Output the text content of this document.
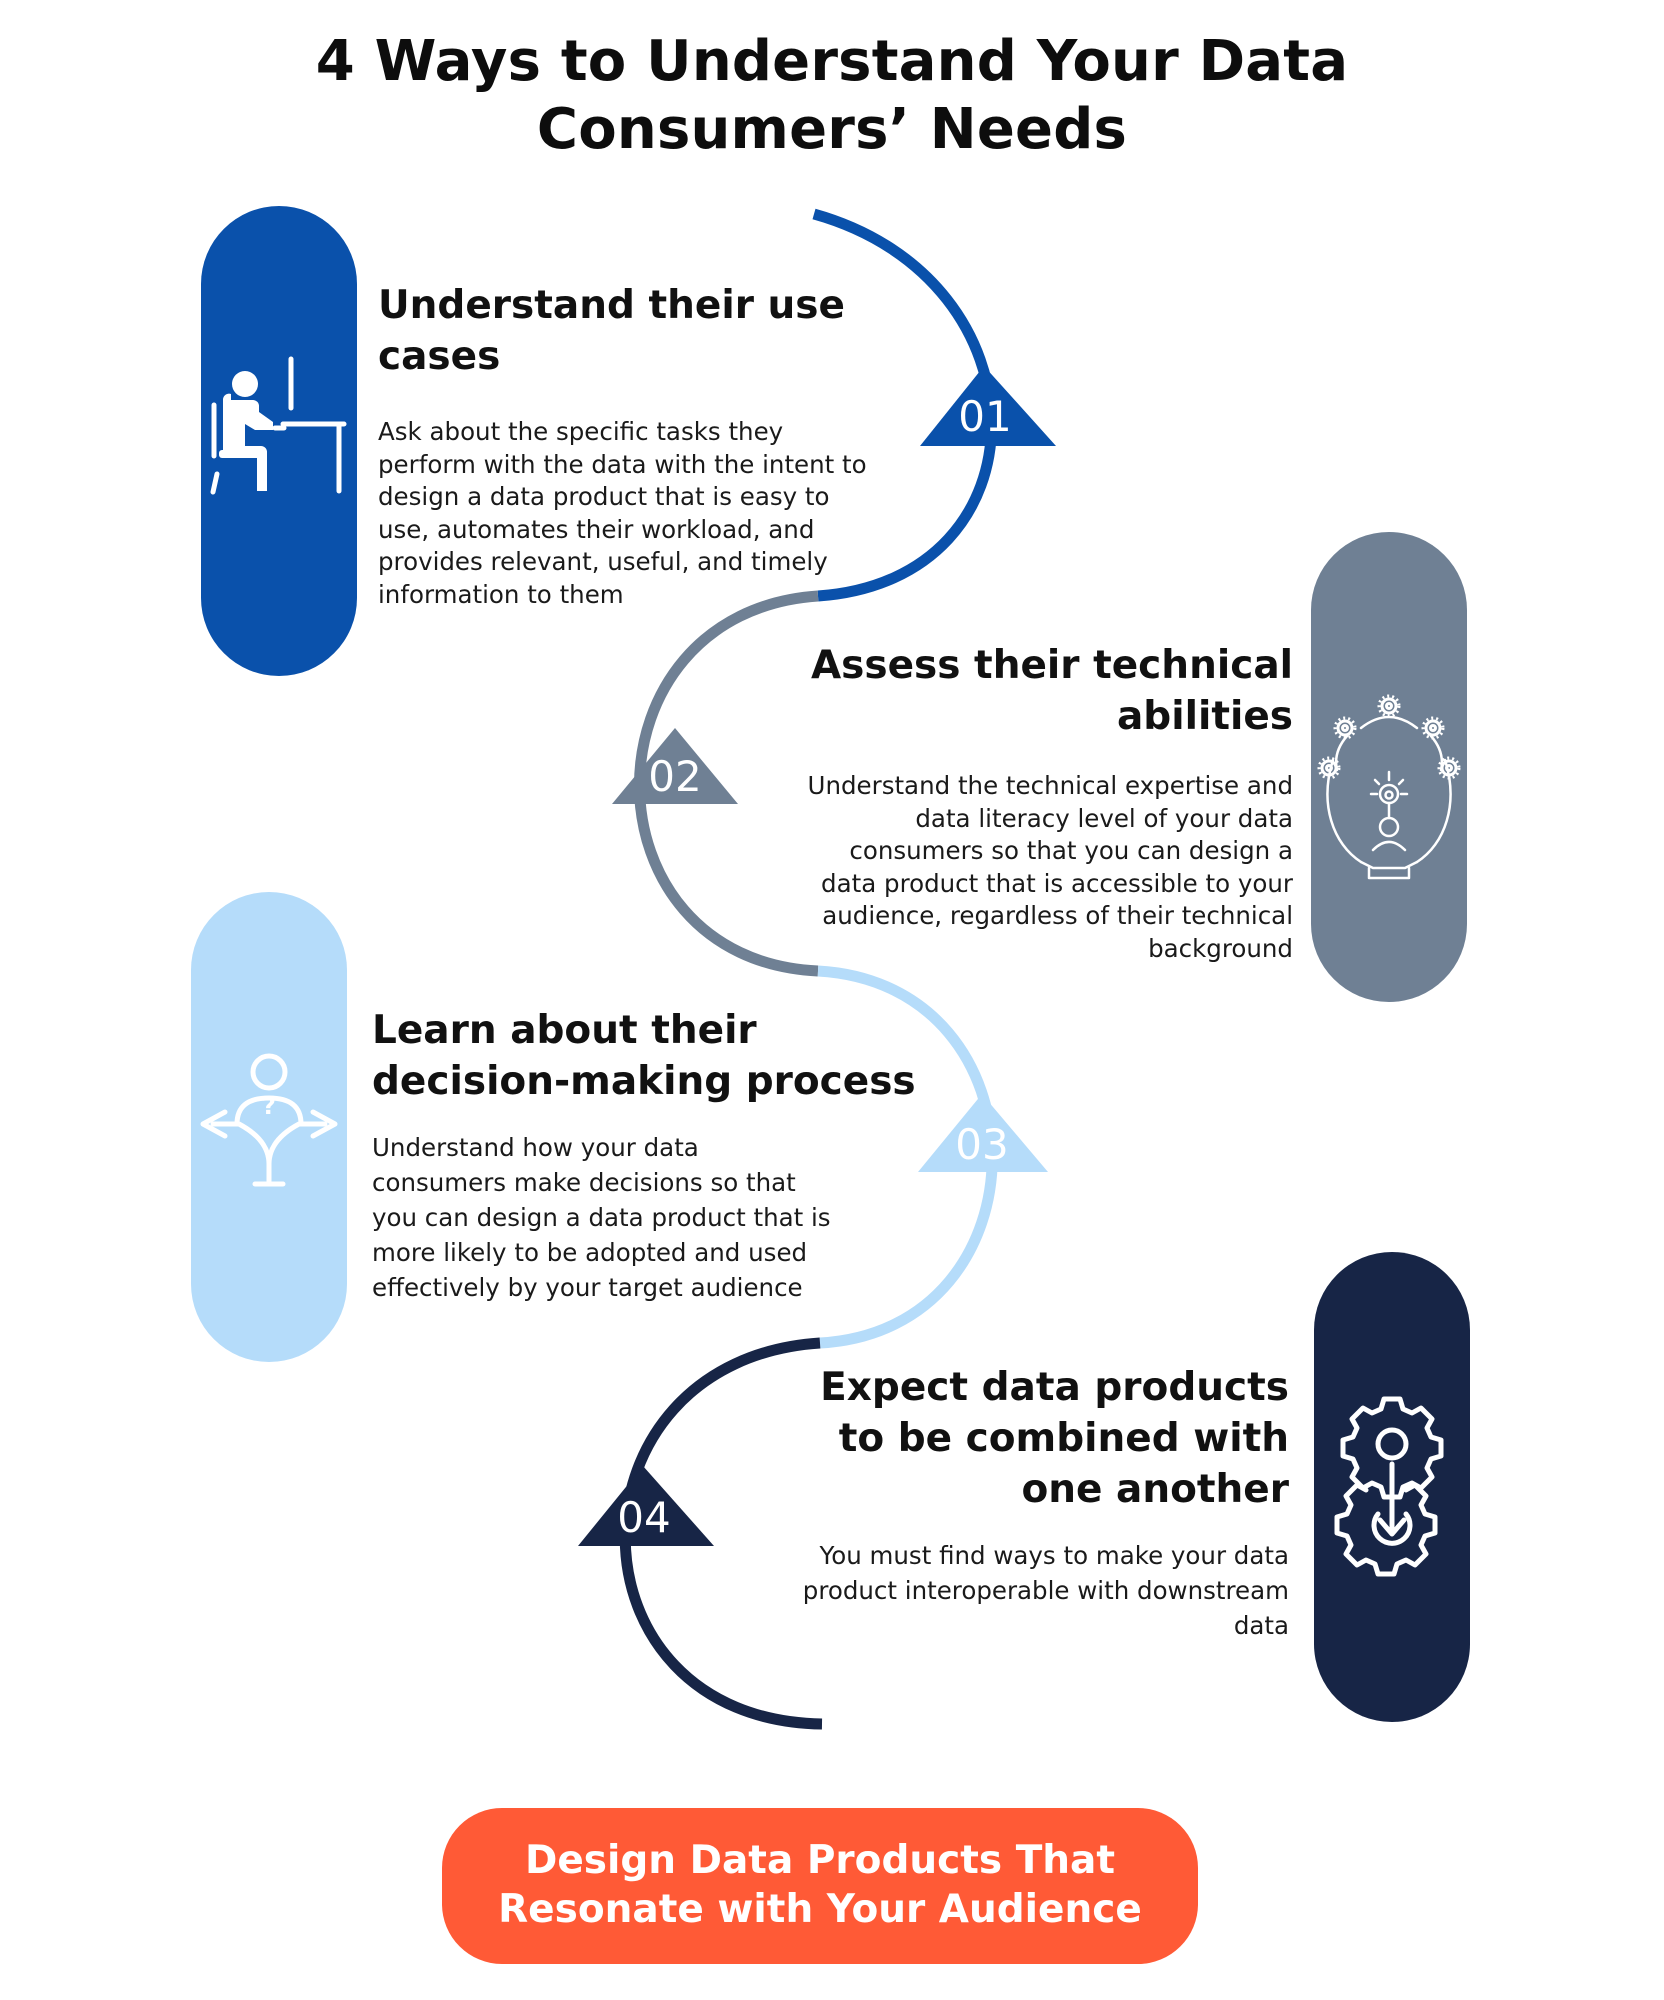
4 Ways to Understand Your Data
Consumers’ Needs
01
02
03
04
Understand their use
cases
Ask about the specific tasks they
perform with the data with the intent to
design a data product that is easy to
use, automates their workload, and
provides relevant, useful, and timely
information to them
Assess their technical
abilities
Understand the technical expertise and
data literacy level of your data
consumers so that you can design a
data product that is accessible to your
audience, regardless of their technical
background
?
Learn about their
decision-making process
Understand how your data
consumers make decisions so that
you can design a data product that is
more likely to be adopted and used
effectively by your target audience
Expect data products
to be combined with
one another
You must find ways to make your data
product interoperable with downstream
data
Design Data Products That
Resonate with Your Audience
